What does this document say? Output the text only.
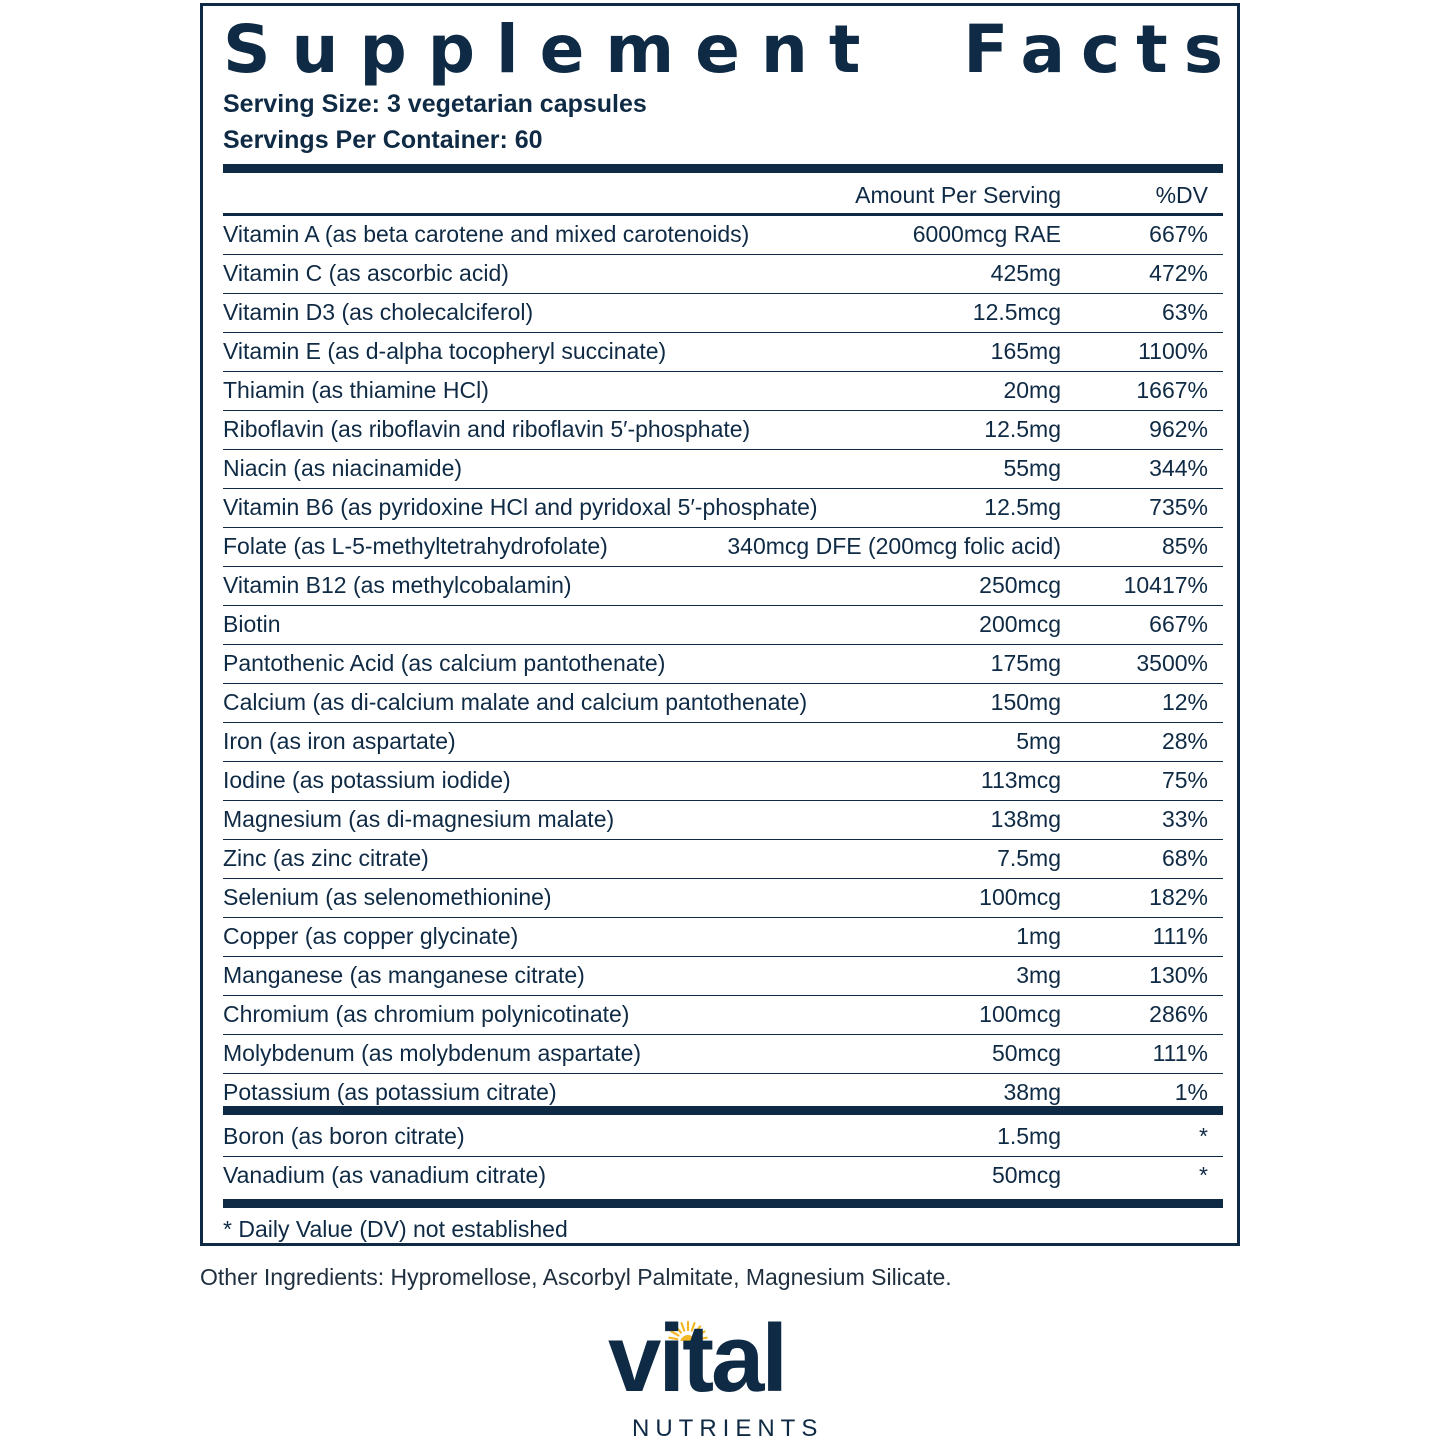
Supplement Facts
Serving Size: 3 vegetarian capsules
Servings Per Container: 60
Amount Per Serving	%DV
Vitamin A (as beta carotene and mixed carotenoids)	6000mcg RAE	667%
Vitamin C (as ascorbic acid)	425mg	472%
Vitamin D3 (as cholecalciferol)	12.5mcg	63%
Vitamin E (as d-alpha tocopheryl succinate)	165mg	1100%
Thiamin (as thiamine HCl)	20mg	1667%
Riboflavin (as riboflavin and riboflavin 5′-phosphate)	12.5mg	962%
Niacin (as niacinamide)	55mg	344%
Vitamin B6 (as pyridoxine HCl and pyridoxal 5′-phosphate)	12.5mg	735%
Folate (as L-5-methyltetrahydrofolate)	340mcg DFE (200mcg folic acid)	85%
Vitamin B12 (as methylcobalamin)	250mcg	10417%
Biotin	200mcg	667%
Pantothenic Acid (as calcium pantothenate)	175mg	3500%
Calcium (as di-calcium malate and calcium pantothenate)	150mg	12%
Iron (as iron aspartate)	5mg	28%
Iodine (as potassium iodide)	113mcg	75%
Magnesium (as di-magnesium malate)	138mg	33%
Zinc (as zinc citrate)	7.5mg	68%
Selenium (as selenomethionine)	100mcg	182%
Copper (as copper glycinate)	1mg	111%
Manganese (as manganese citrate)	3mg	130%
Chromium (as chromium polynicotinate)	100mcg	286%
Molybdenum (as molybdenum aspartate)	50mcg	111%
Potassium (as potassium citrate)	38mg	1%
Boron (as boron citrate)	1.5mg	*
Vanadium (as vanadium citrate)	50mcg	*
* Daily Value (DV) not established
Other Ingredients: Hypromellose, Ascorbyl Palmitate, Magnesium Silicate.
vital
NUTRIENTS
